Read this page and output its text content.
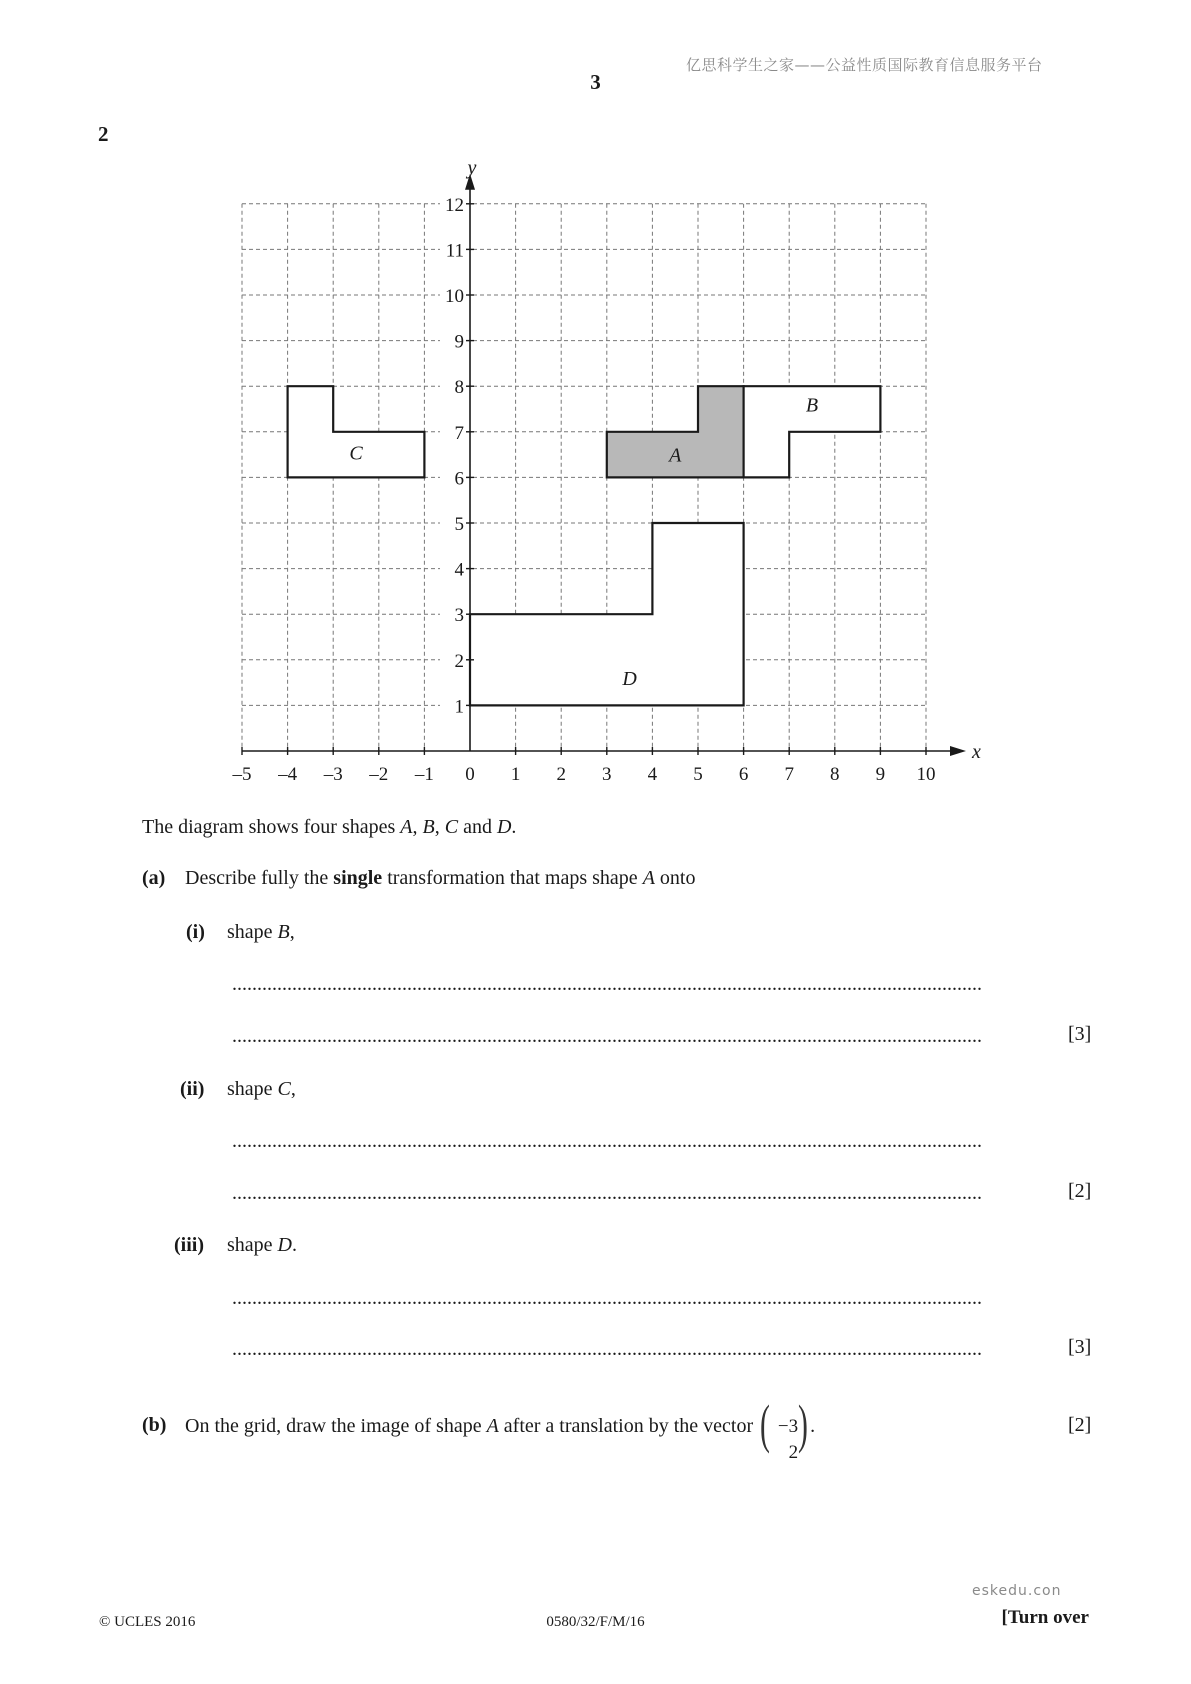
亿思科学生之家——公益性质国际教育信息服务平台
3
2
A
B
C
D
x
y
–5 –4 –3 –2 –1 0 1 2 3 4 5 6 7 8 9 10
1
2
3
4
5
6
7
8
9
10
11
12
The diagram shows four shapes A, B, C and D.
(a) Describe fully the single transformation that maps shape A onto
(i) shape B,
......................................................................................................................................................
......................................................................................................................................................	[3]
(ii) shape C,
......................................................................................................................................................
......................................................................................................................................................	[2]
(iii) shape D.
......................................................................................................................................................
......................................................................................................................................................	[3]
(b) On the grid, draw the image of shape A after a translation by the vector ( −3
2 ) .	[2]
eskedu.con
© UCLES 2016	0580/32/F/M/16	[Turn over
